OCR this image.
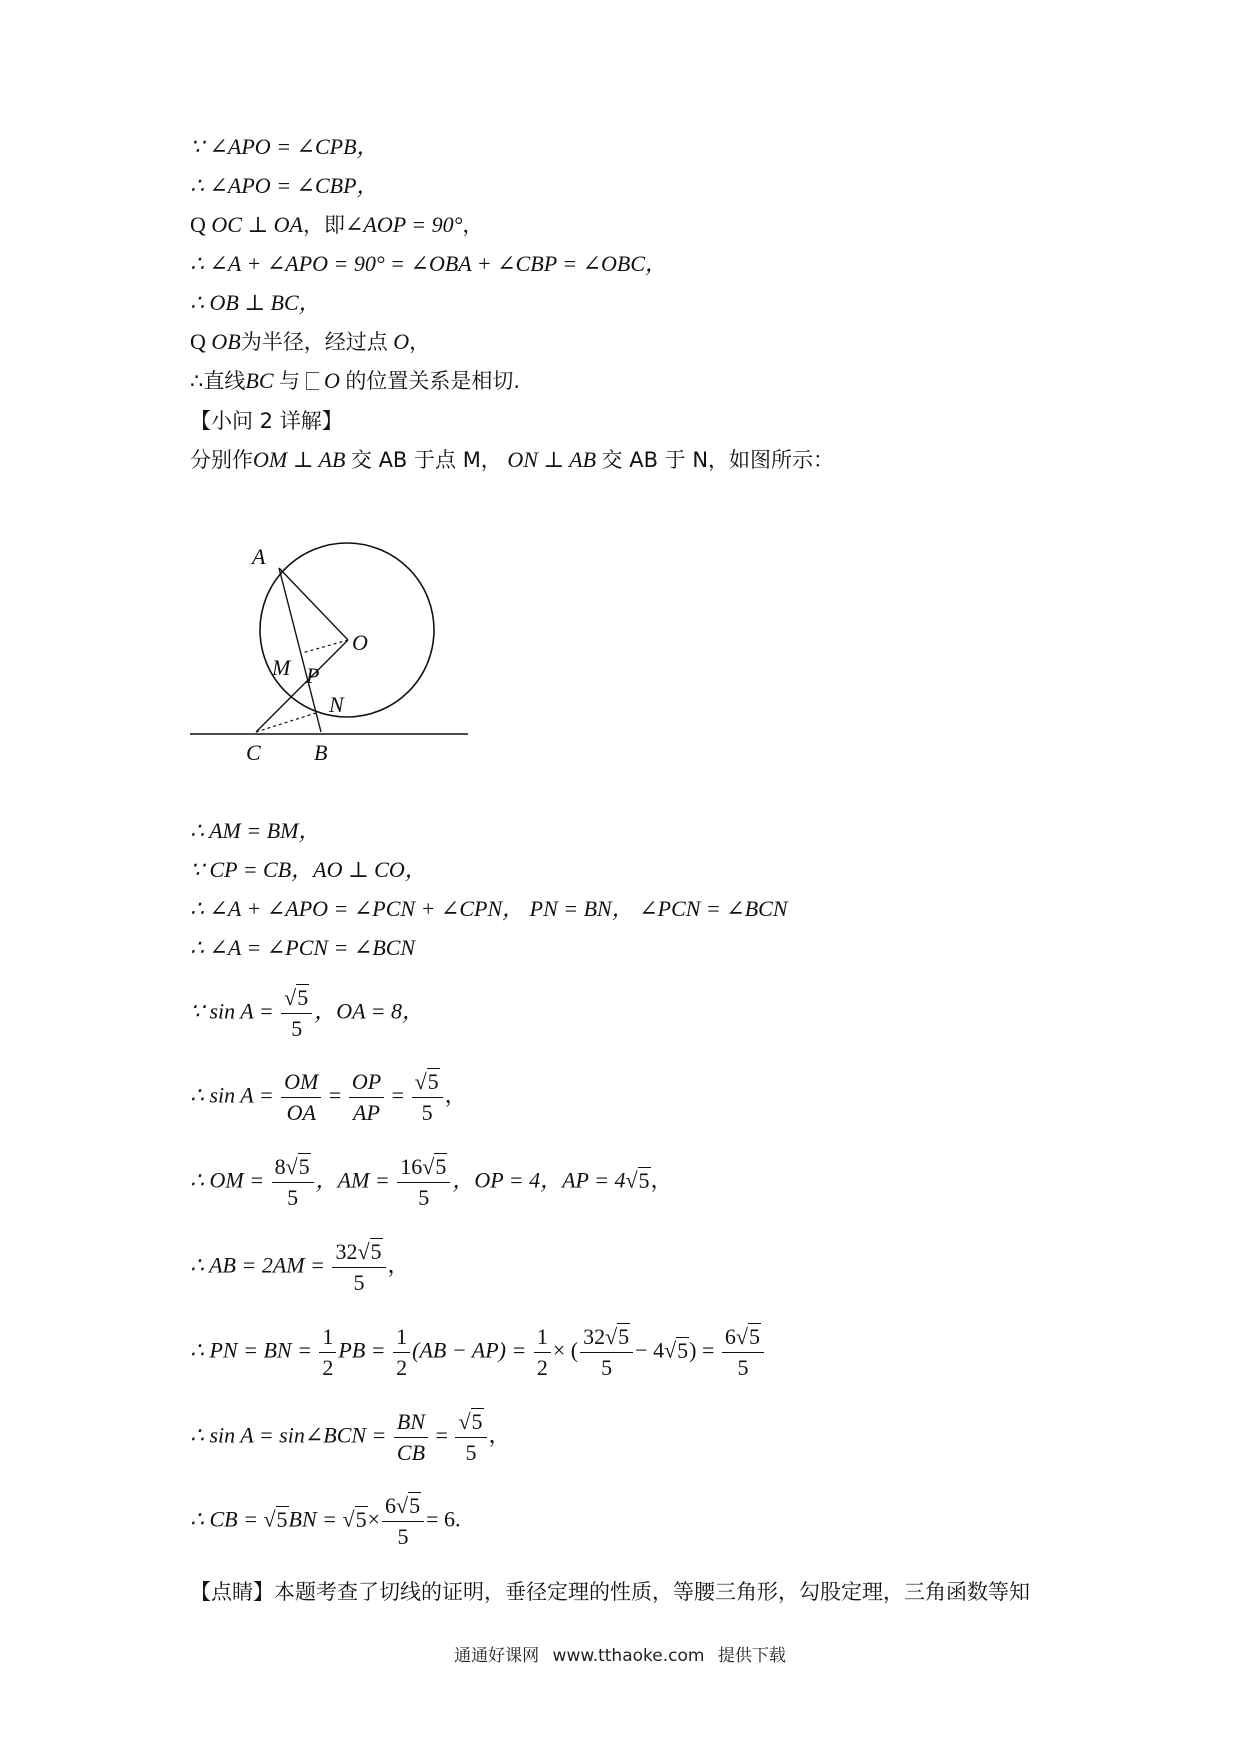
∵ ∠APO = ∠CPB，
∴ ∠APO = ∠CBP，
Q OC ⊥ OA，即∠AOP = 90°，
∴ ∠A + ∠APO = 90° = ∠OBA + ∠CBP = ∠OBC，
∴ OB ⊥ BC，
Q OB为半径，经过点 O，
∴直线BC 与 O 的位置关系是相切.
【小问 2 详解】
分别作OM ⊥ AB 交 AB 于点 M， ON ⊥ AB 交 AB 于 N，如图所示：
A
O
M P
N
C B
∴ AM = BM，
∵ CP = CB，AO ⊥ CO，
∴ ∠A + ∠APO = ∠PCN + ∠CPN， PN = BN， ∠PCN = ∠BCN
∴ ∠A = ∠PCN = ∠BCN
∵ $\sin A = \frac{√5}{5}$ ，OA = 8，
∴ $\sin A = \frac{OM}{OA} = \frac{OP}{AP} = \frac{√5}{5}$ ，
∴ OM = $\frac{8√5}{5}$ ，AM = $\frac{16√5}{5}$ ，OP = 4，AP = 4√5，
∴ AB = $2AM = \frac{32√5}{5}$ ，
∴ PN = BN = $\frac{1}{2}$ PB = $\frac{1}{2} (AB - AP) = \frac{1}{2}$ × ( $\frac{32√5}{5} - 4√5) = \frac{6√5}{5}$
∴ sin A = sin∠BCN = $\frac{BN}{CB} = \frac{√5}{5}$ ，
∴ CB = $√5BN = √5\times \frac{6√5}{5} = 6$.
【点睛】本题考查了切线的证明，垂径定理的性质，等腰三角形，勾股定理，三角函数等知
通通好课网 www.tthaoke.com 提供下载
